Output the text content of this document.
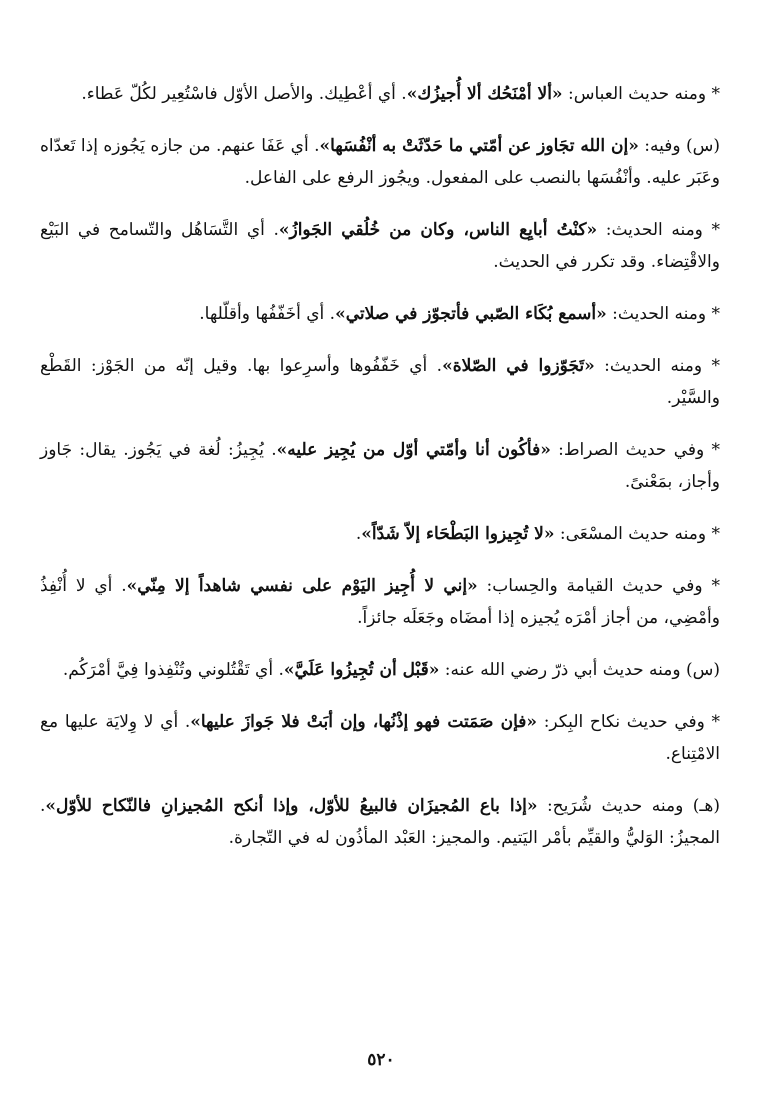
* ومنه حديث العباس: «ألا أمْنَحُك ألا أُجيزُك». أي أعْطِيك. والأصل الأوّل فاسْتُعِير لكُلّ عَطاء.

(س) وفيه: «إن الله تجَاوز عن أمّتي ما حَدّثَتْ به أنْفُسَها». أي عَفَا عنهم. من جازه يَجُوزه إذا تَعدّاه وعَبَر عليه. وأنْفُسَها بالنصب على المفعول. ويجُوز الرفع على الفاعل.

* ومنه الحديث: «كنْتُ أبايِع الناس، وكان من خُلُقي الجَوازُ». أي التَّسَاهُل والتّسامح في البَيْع والاقْتِضاء. وقد تكرر في الحديث.

* ومنه الحديث: «أسمع بُكَاء الصّبي فأتجوّز في صلاتي». أي أخَفّفُها وأقلّلها.

* ومنه الحديث: «تَجَوّزوا في الصّلاة». أي خَفّفُوها وأسرِعوا بها. وقيل إنّه من الجَوْز: القَطْع والسَّيْر.

* وفي حديث الصراط: «فأكُون أنا وأمّتي أوّل من يُجِيز عليه». يُجِيزُ: لُغة في يَجُوز. يقال: جَاوز وأجاز، بمَعْنىً.

* ومنه حديث المسْعَى: «لا تُجِيزوا البَطْحَاء إلاّ شَدّاً».

* وفي حديث القيامة والحِساب: «إني لا أُجِيز اليَوْم على نفسي شاهداً إلا مِنّي». أي لا أُنْفِذُ وأمْضِي، من أجاز أمْرَه يُجيزه إذا أمضَاه وجَعَلَه جائزاً.

(س) ومنه حديث أبي ذرّ رضي الله عنه: «قَبْل أن تُجِيزُوا عَلَيَّ». أي تَقْتُلوني وتُنْفِذوا فِيَّ أمْرَكُم.

* وفي حديث نكاح البِكر: «فإن صَمَتت فهو إذْنُها، وإن أبَتْ فلا جَوازَ عليها». أي لا وِلايَة عليها مع الامْتِناع.

(هـ) ومنه حديث شُرَيح: «إذا باع المُجيزَان فالبيعُ للأوّل، وإذا أنكح المُجيزانِ فالنّكاح للأوّل». المجيزُ: الوَليُّ والقيِّم بأمْر اليَتيم. والمجيز: العَبْد المأذُون له في التّجارة.

٥٢٠
